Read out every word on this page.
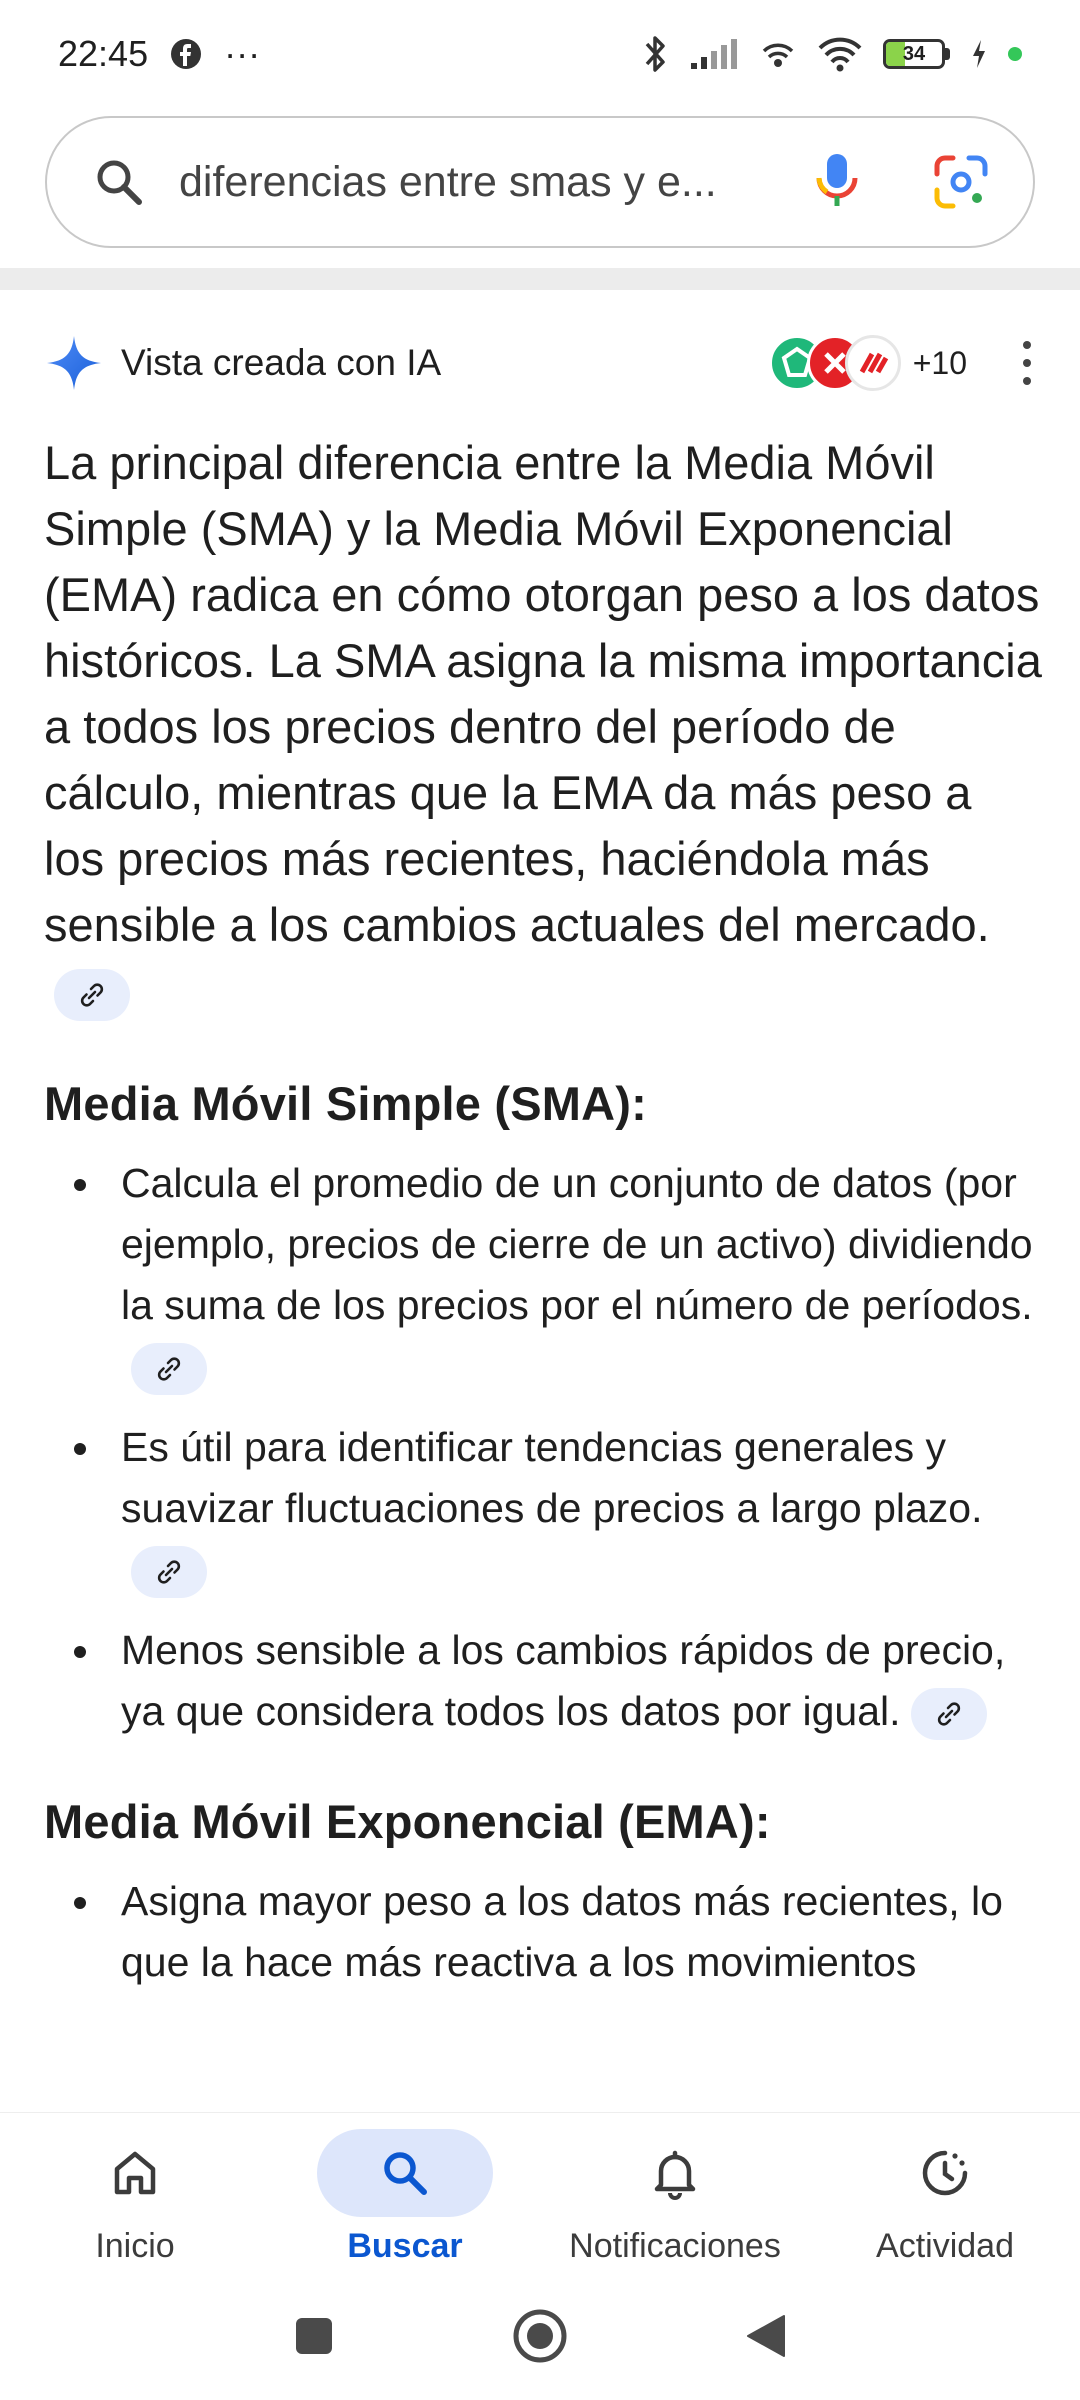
22:45 ···	34
diferencias entre smas y e...
Vista creada con IA	+10

La principal diferencia entre la Media Móvil Simple (SMA) y la Media Móvil Exponencial (EMA) radica en cómo otorgan peso a los datos históricos. La SMA asigna la misma importancia a todos los precios dentro del período de cálculo, mientras que la EMA da más peso a los precios más recientes, haciéndola más sensible a los cambios actuales del mercado.

Media Móvil Simple (SMA):
Calcula el promedio de un conjunto de datos (por ejemplo, precios de cierre de un activo) dividiendo la suma de los precios por el número de períodos.
Es útil para identificar tendencias generales y suavizar fluctuaciones de precios a largo plazo.
Menos sensible a los cambios rápidos de precio, ya que considera todos los datos por igual.
Media Móvil Exponencial (EMA):
Asigna mayor peso a los datos más recientes, lo que la hace más reactiva a los movimientos
Inicio	Buscar	Notificaciones	Actividad
